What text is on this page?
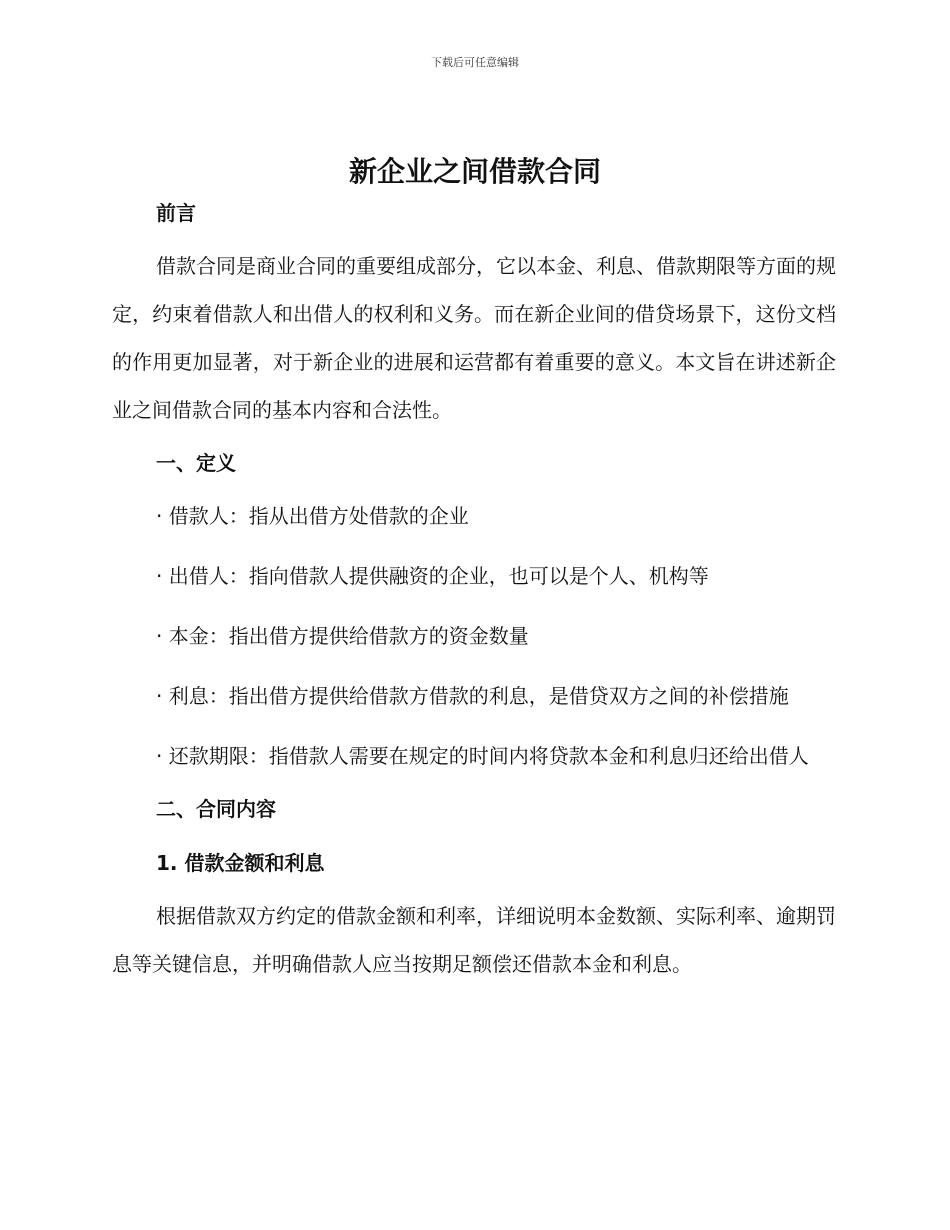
下载后可任意编辑
新企业之间借款合同

前言

借款合同是商业合同的重要组成部分，它以本金、利息、借款期限等方面的规定，约束着借款人和出借人的权利和义务。而在新企业间的借贷场景下，这份文档的作用更加显著，对于新企业的进展和运营都有着重要的意义。本文旨在讲述新企业之间借款合同的基本内容和合法性。

一、定义

· 借款人：指从出借方处借款的企业

· 出借人：指向借款人提供融资的企业，也可以是个人、机构等

· 本金：指出借方提供给借款方的资金数量

· 利息：指出借方提供给借款方借款的利息，是借贷双方之间的补偿措施

· 还款期限：指借款人需要在规定的时间内将贷款本金和利息归还给出借人

二、合同内容

1. 借款金额和利息

根据借款双方约定的借款金额和利率，详细说明本金数额、实际利率、逾期罚息等关键信息，并明确借款人应当按期足额偿还借款本金和利息。
